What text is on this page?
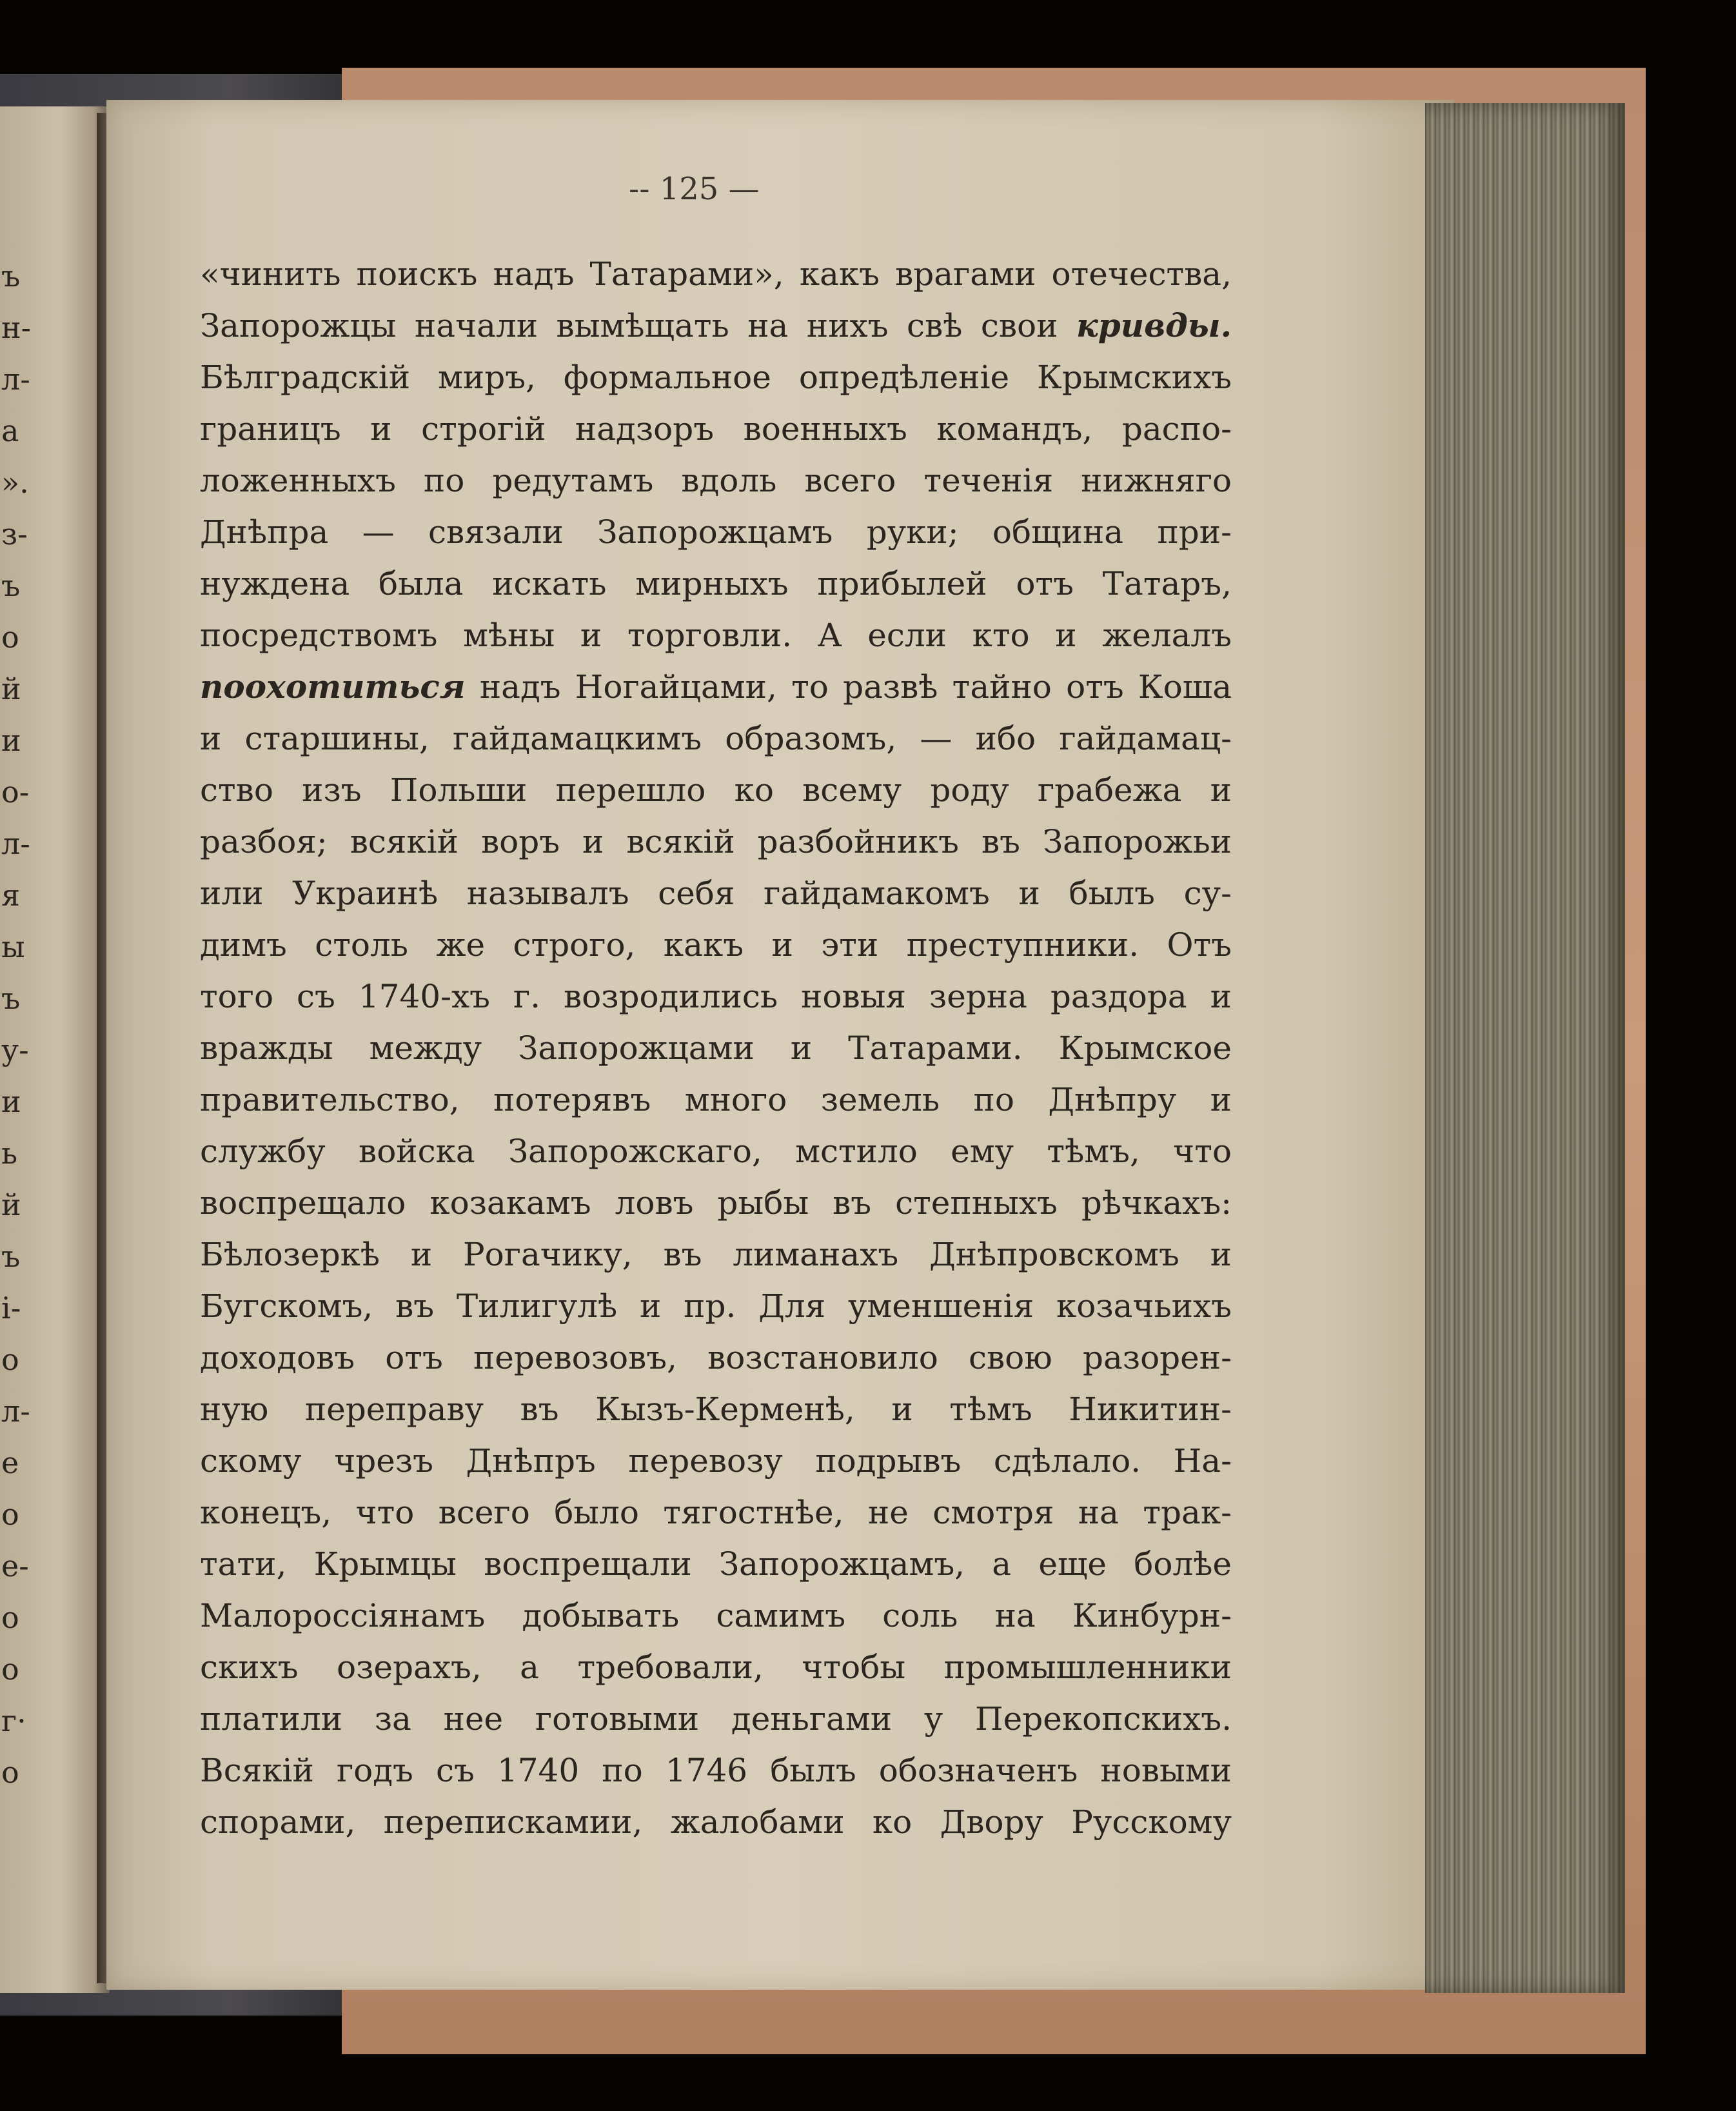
ъ
н-
л-
а
».
з-
ъ
о
й
и
о-
л-
я
ы
ъ
у-
и
ь
й
ъ
і-
о
л-
е
о
е-
о
о
г·
о
-- 125 —
«чинить поискъ надъ Татарами», какъ врагами отечества,
Запорожцы начали вымѣщать на нихъ свѣ свои кривды.
Бѣлградскій миръ, формальное опредѣленіе Крымскихъ
границъ и строгій надзоръ военныхъ командъ, распо-
ложенныхъ по редутамъ вдоль всего теченія нижняго
Днѣпра — связали Запорожцамъ руки; община при-
нуждена была искать мирныхъ прибылей отъ Татаръ,
посредствомъ мѣны и торговли. А если кто и желалъ
поохотиться надъ Ногайцами, то развѣ тайно отъ Коша
и старшины, гайдамацкимъ образомъ, — ибо гайдамац-
ство изъ Польши перешло ко всему роду грабежа и
разбоя; всякій воръ и всякій разбойникъ въ Запорожьи
или Украинѣ называлъ себя гайдамакомъ и былъ су-
димъ столь же строго, какъ и эти преступники. Отъ
того съ 1740-хъ г. возродились новыя зерна раздора и
вражды между Запорожцами и Татарами. Крымское
правительство, потерявъ много земель по Днѣпру и
службу войска Запорожскаго, мстило ему тѣмъ, что
воспрещало козакамъ ловъ рыбы въ степныхъ рѣчкахъ:
Бѣлозеркѣ и Рогачику, въ лиманахъ Днѣпровскомъ и
Бугскомъ, въ Тилигулѣ и пр. Для уменшенія козачьихъ
доходовъ отъ перевозовъ, возстановило свою разорен-
ную переправу въ Кызъ-Керменѣ, и тѣмъ Никитин-
скому чрезъ Днѣпръ перевозу подрывъ сдѣлало. На-
конецъ, что всего было тягостнѣе, не смотря на трак-
тати, Крымцы воспрещали Запорожцамъ, а еще болѣе
Малороссіянамъ добывать самимъ соль на Кинбурн-
скихъ озерахъ, а требовали, чтобы промышленники
платили за нее готовыми деньгами у Перекопскихъ.
Всякій годъ съ 1740 по 1746 былъ обозначенъ новыми
спорами, перепискамии, жалобами ко Двору Русскому
